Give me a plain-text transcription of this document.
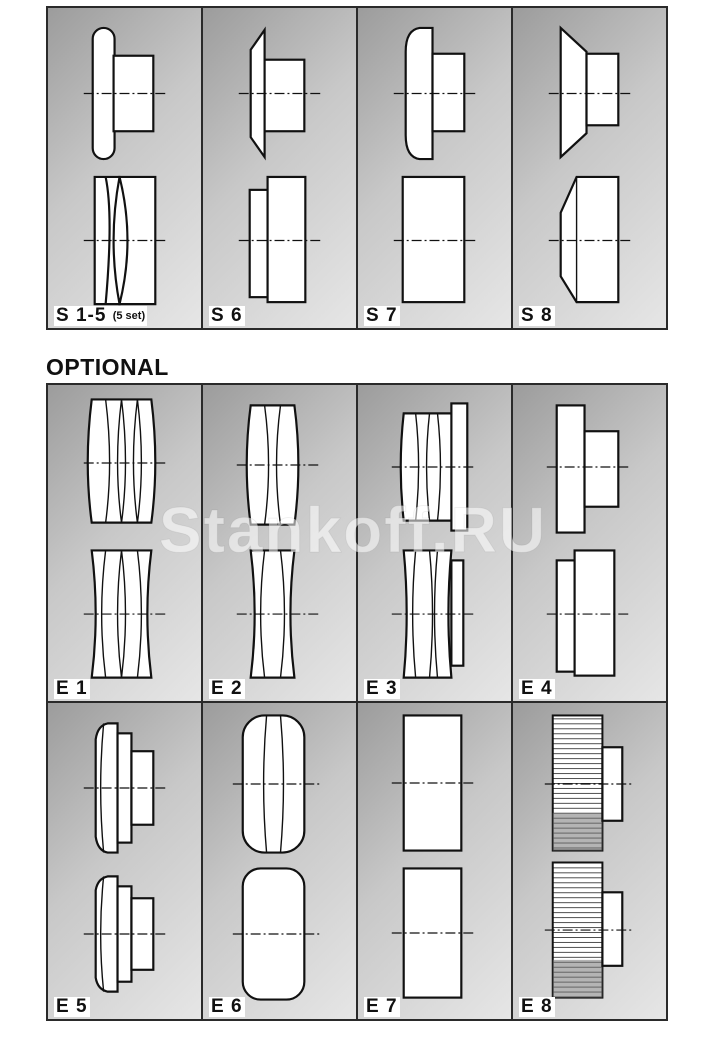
S 1-5 $^{(5 set)}$	S 6	S 7	S 8
OPTIONAL
E 1	E 2	E 3	E 4
E 5	E 6	E 7	E 8
Stankoff.RU
